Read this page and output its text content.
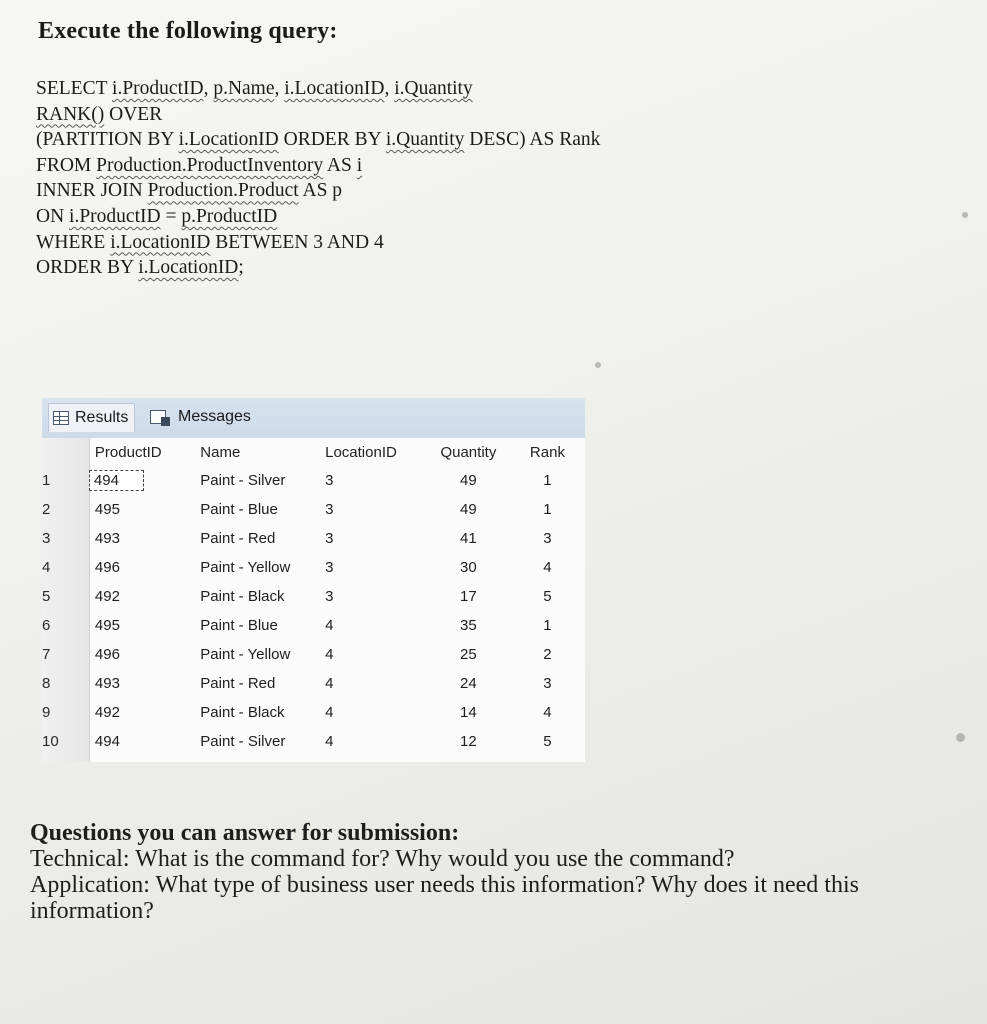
Execute the following query:
SELECT i.ProductID, p.Name, i.LocationID, i.Quantity
RANK() OVER
(PARTITION BY i.LocationID ORDER BY i.Quantity DESC) AS Rank
FROM Production.ProductInventory AS i
INNER JOIN Production.Product AS p
ON i.ProductID = p.ProductID
WHERE i.LocationID BETWEEN 3 AND 4
ORDER BY i.LocationID;
Results	Messages
	ProductID	Name	LocationID	Quantity	Rank
1	494	Paint - Silver	3	49	1
2	495	Paint - Blue	3	49	1
3	493	Paint - Red	3	41	3
4	496	Paint - Yellow	3	30	4
5	492	Paint - Black	3	17	5
6	495	Paint - Blue	4	35	1
7	496	Paint - Yellow	4	25	2
8	493	Paint - Red	4	24	3
9	492	Paint - Black	4	14	4
10	494	Paint - Silver	4	12	5
Questions you can answer for submission:
Technical: What is the command for? Why would you use the command?
Application: What type of business user needs this information? Why does it need this information?
